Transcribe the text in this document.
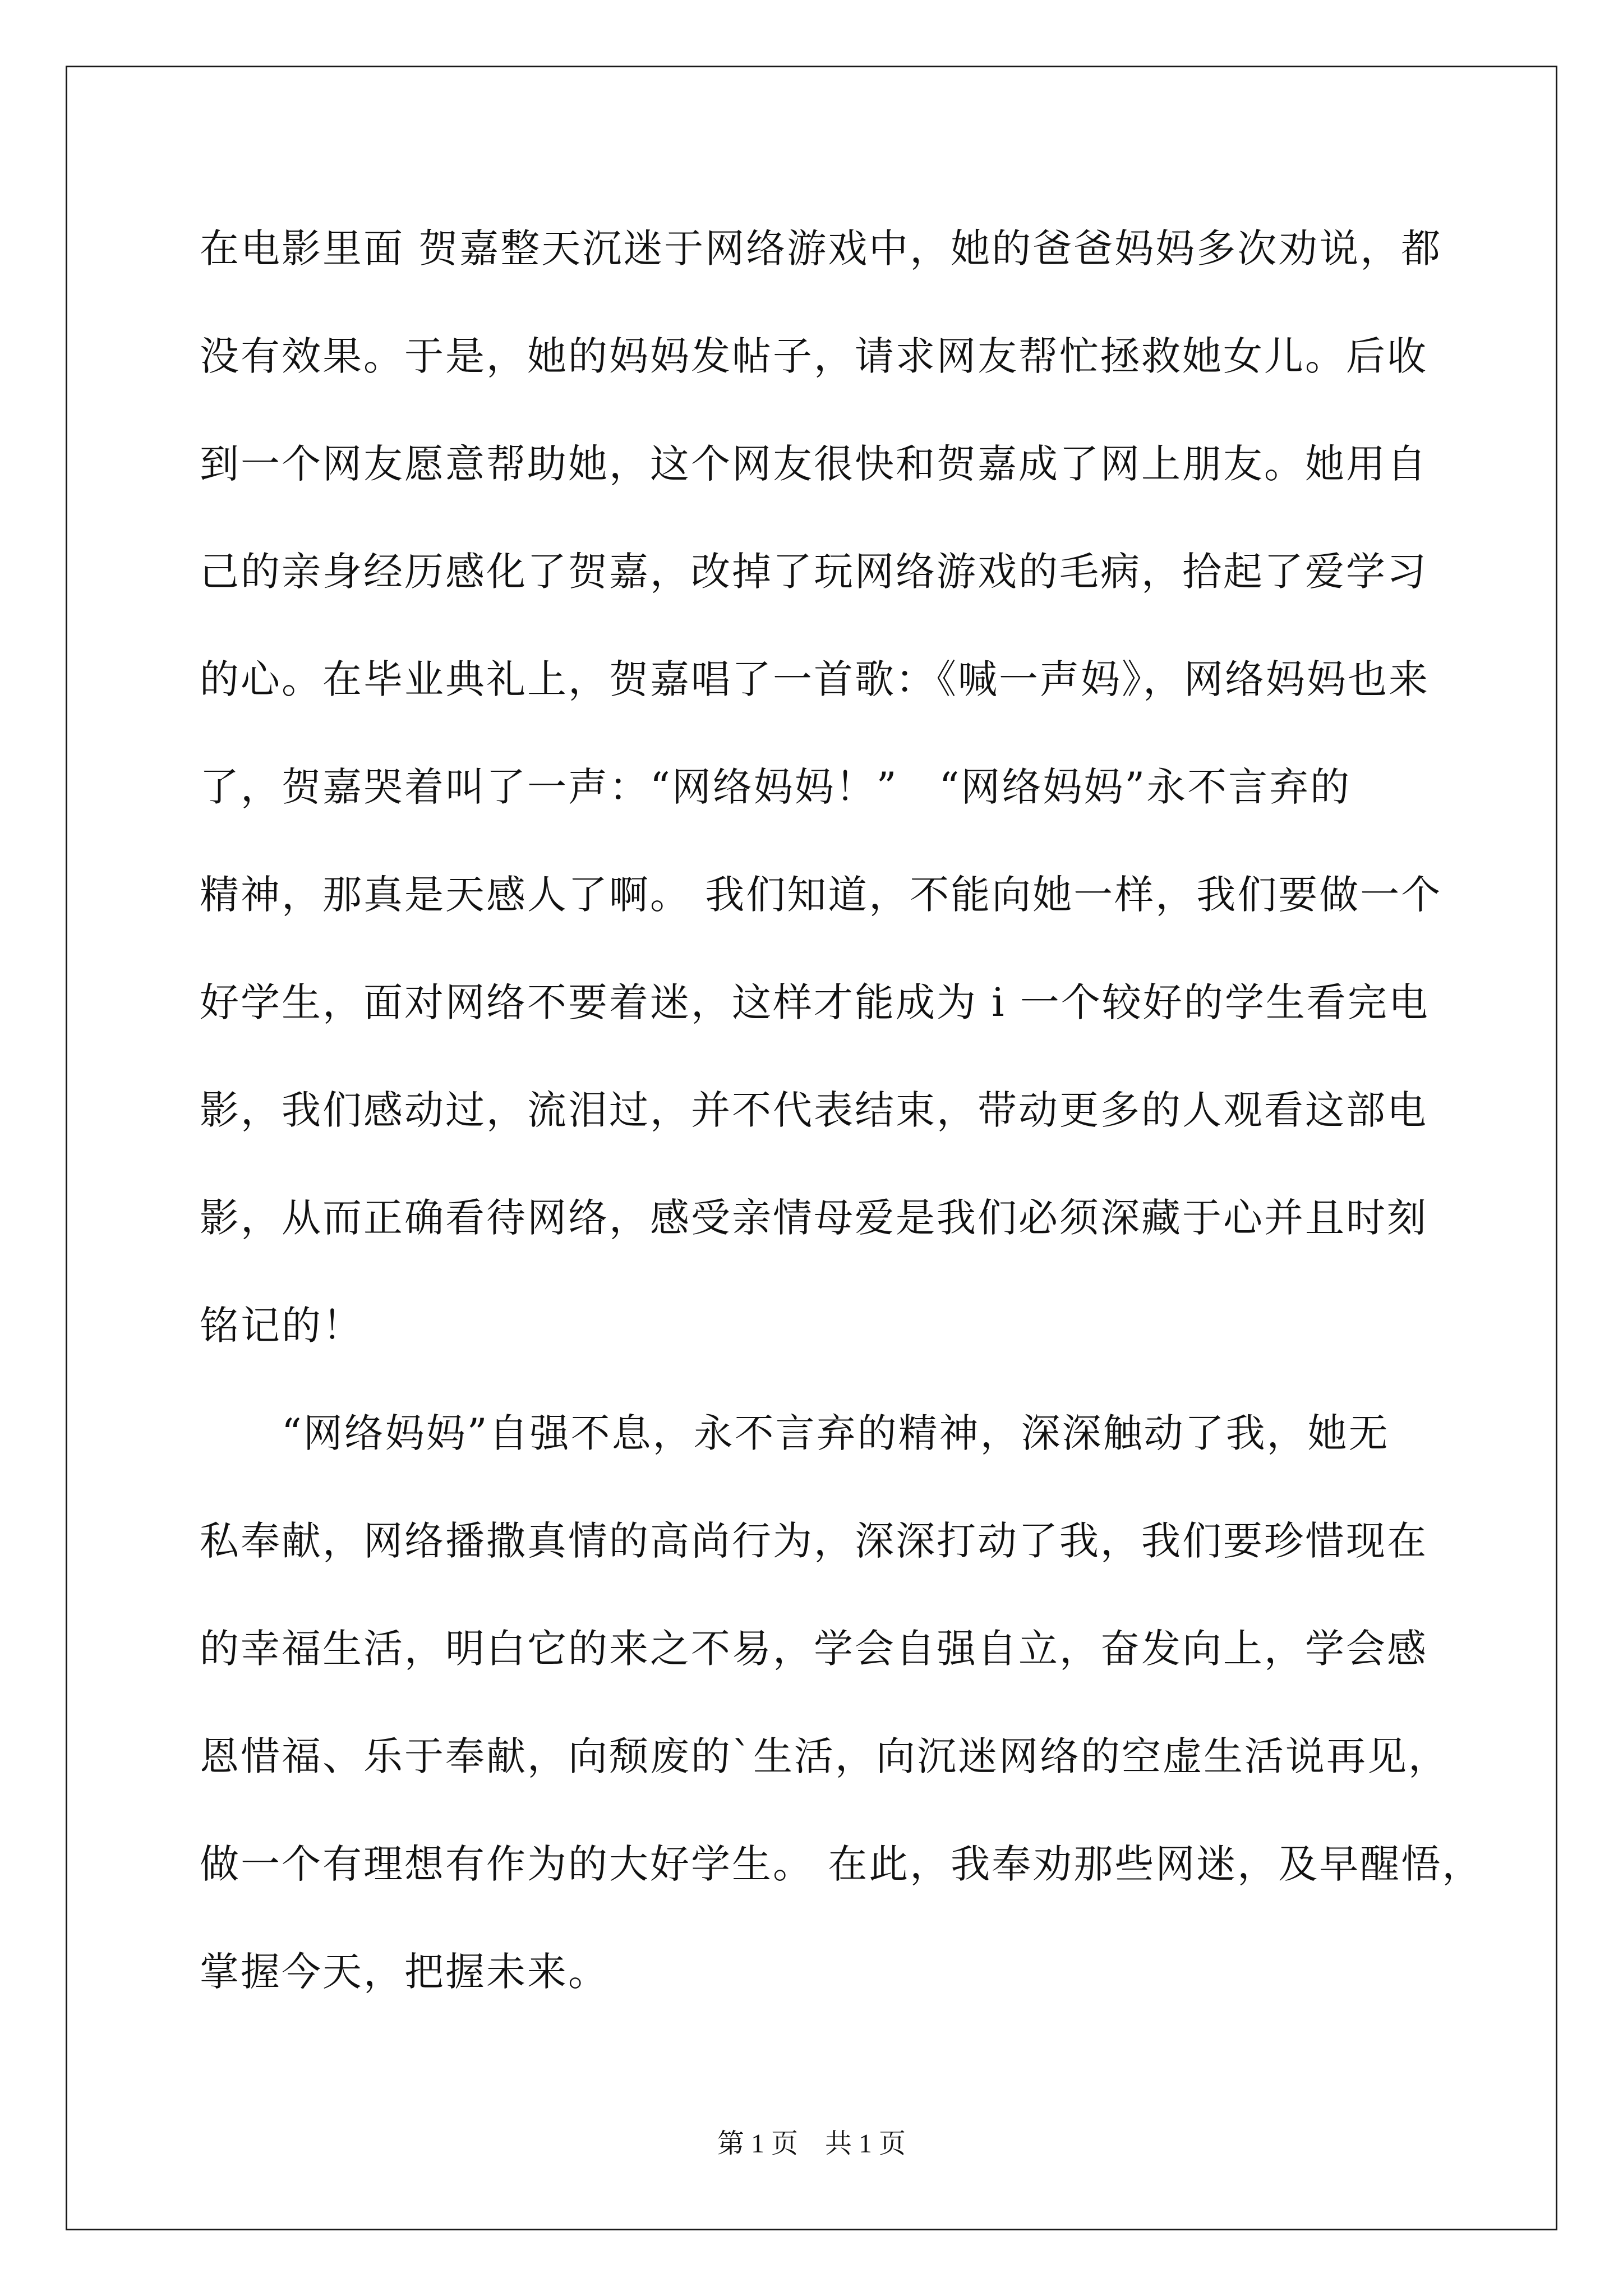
在电影里面 贺嘉整天沉迷于网络游戏中，她的爸爸妈妈多次劝说，都
没有效果。于是，她的妈妈发帖子，请求网友帮忙拯救她女儿。后收
到一个网友愿意帮助她，这个网友很快和贺嘉成了网上朋友。她用自
己的亲身经历感化了贺嘉，改掉了玩网络游戏的毛病，拾起了爱学习
的心。在毕业典礼上，贺嘉唱了一首歌：《喊一声妈》，网络妈妈也来
了，贺嘉哭着叫了一声：“网络妈妈！”　“网络妈妈”永不言弃的
精神，那真是天感人了啊。 我们知道，不能向她一样，我们要做一个
好学生，面对网络不要着迷，这样才能成为 i 一个较好的学生看完电
影，我们感动过，流泪过，并不代表结束，带动更多的人观看这部电
影，从而正确看待网络，感受亲情母爱是我们必须深藏于心并且时刻
铭记的！
　　“网络妈妈”自强不息，永不言弃的精神，深深触动了我，她无
私奉献，网络播撒真情的高尚行为，深深打动了我，我们要珍惜现在
的幸福生活，明白它的来之不易，学会自强自立，奋发向上，学会感
恩惜福、乐于奉献，向颓废的`生活，向沉迷网络的空虚生活说再见，
做一个有理想有作为的大好学生。 在此，我奉劝那些网迷，及早醒悟，
掌握今天，把握未来。
第 1 页　共 1 页
